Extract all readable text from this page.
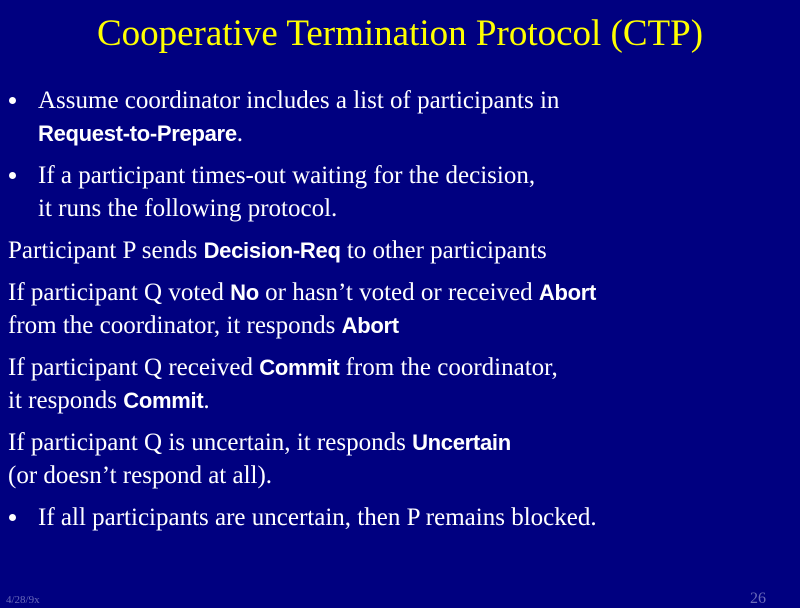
Cooperative Termination Protocol (CTP)
Assume coordinator includes a list of participants in
Request-to-Prepare.
If a participant times-out waiting for the decision,
it runs the following protocol.
Participant P sends Decision-Req to other participants
If participant Q voted No or hasn’t voted or received Abort
from the coordinator, it responds Abort
If participant Q received Commit from the coordinator,
it responds Commit.
If participant Q is uncertain, it responds Uncertain
(or doesn’t respond at all).
If all participants are uncertain, then P remains blocked.
4/28/9x	26
